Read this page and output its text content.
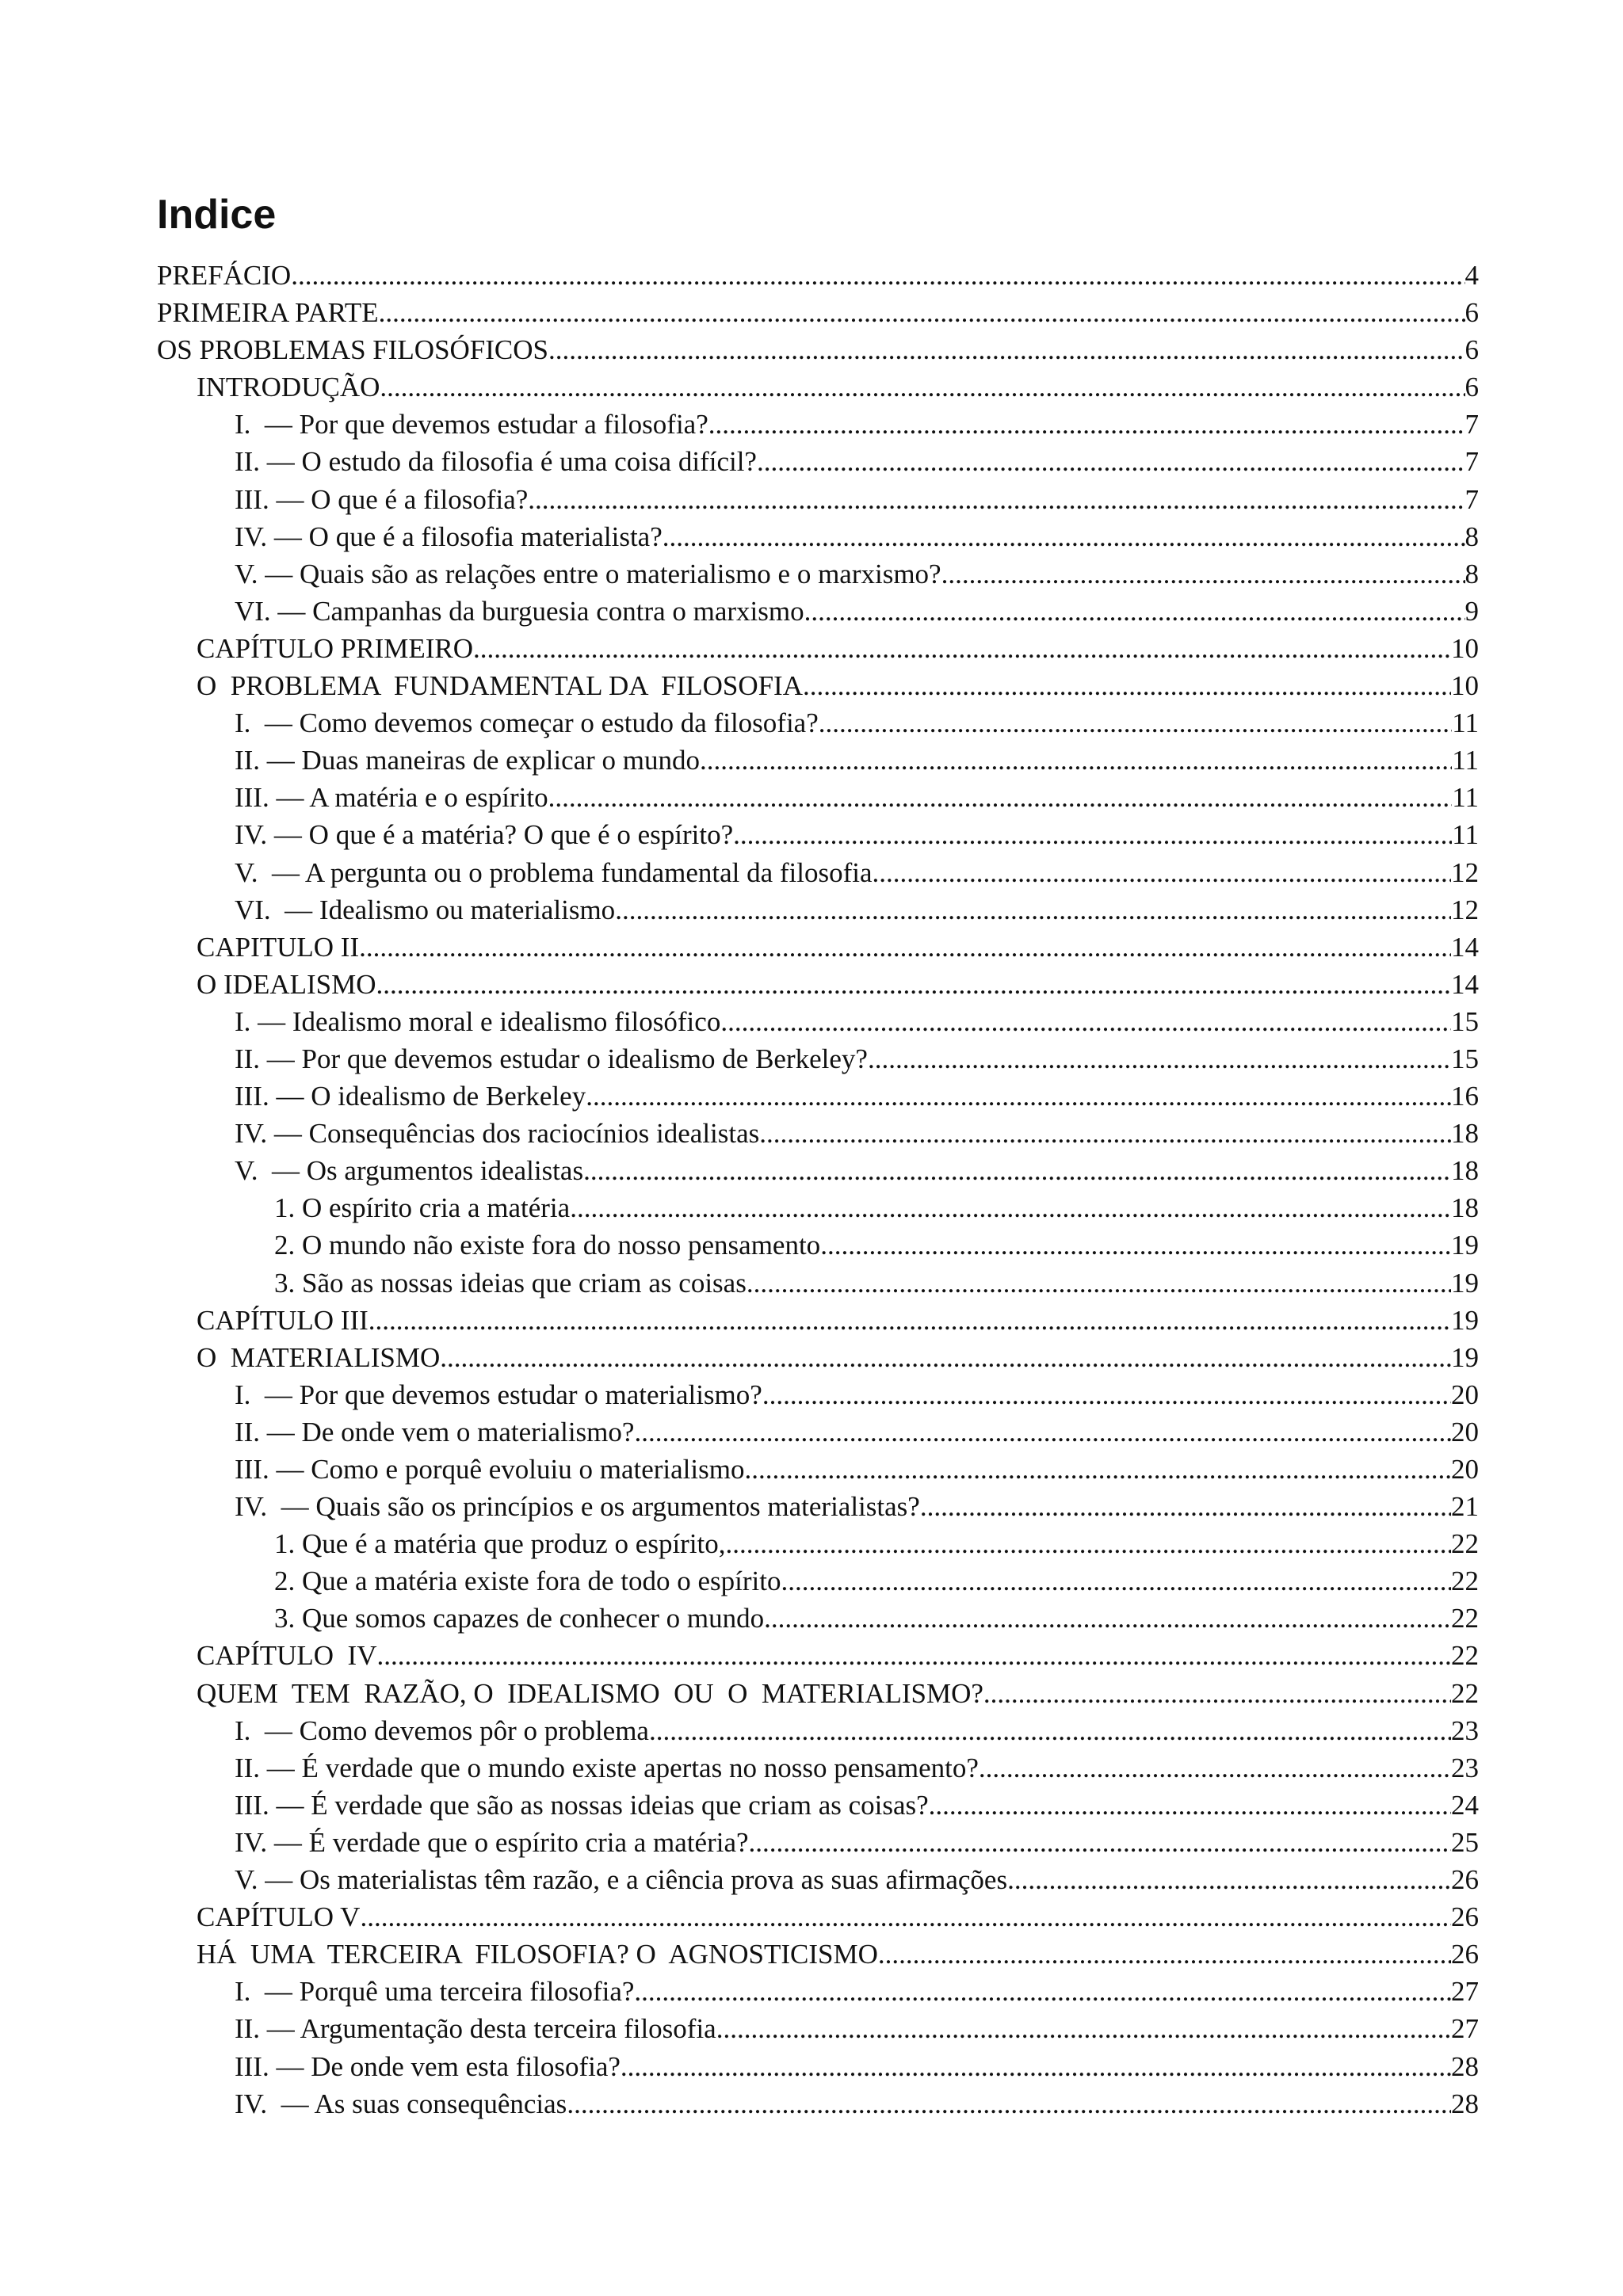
Indice
PREFÁCIO .....	4
PRIMEIRA PARTE .....	6
OS PROBLEMAS FILOSÓFICOS .....	6
INTRODUÇÃO .....	6
I.  — Por que devemos estudar a filosofia? .....	7
II. — O estudo da filosofia é uma coisa difícil? .....	7
III. — O que é a filosofia? .....	7
IV. — O que é a filosofia materialista? .....	8
V. — Quais são as relações entre o materialismo e o marxismo? .....	8
VI. — Campanhas da burguesia contra o marxismo .....	9
CAPÍTULO PRIMEIRO .....	10
O  PROBLEMA  FUNDAMENTAL DA  FILOSOFIA .....	10
I.  — Como devemos começar o estudo da filosofia? .....	11
II. — Duas maneiras de explicar o mundo .....	11
III. — A matéria e o espírito .....	11
IV. — O que é a matéria? O que é o espírito? .....	11
V.  — A pergunta ou o problema fundamental da filosofia .....	12
VI.  — Idealismo ou materialismo .....	12
CAPITULO II .....	14
O IDEALISMO .....	14
I. — Idealismo moral e idealismo filosófico .....	15
II. — Por que devemos estudar o idealismo de Berkeley? .....	15
III. — O idealismo de Berkeley .....	16
IV. — Consequências dos raciocínios idealistas .....	18
V.  — Os argumentos idealistas .....	18
1. O espírito cria a matéria .....	18
2. O mundo não existe fora do nosso pensamento .....	19
3. São as nossas ideias que criam as coisas .....	19
CAPÍTULO III .....	19
O  MATERIALISMO .....	19
I.  — Por que devemos estudar o materialismo? .....	20
II. — De onde vem o materialismo? .....	20
III. — Como e porquê evoluiu o materialismo .....	20
IV.  — Quais são os princípios e os argumentos materialistas? .....	21
1. Que é a matéria que produz o espírito, .....	22
2. Que a matéria existe fora de todo o espírito .....	22
3. Que somos capazes de conhecer o mundo .....	22
CAPÍTULO  IV .....	22
QUEM  TEM  RAZÃO, O  IDEALISMO  OU  O  MATERIALISMO? .....	22
I.  — Como devemos pôr o problema .....	23
II. — É verdade que o mundo existe apertas no nosso pensamento? .....	23
III. — É verdade que são as nossas ideias que criam as coisas? .....	24
IV. — É verdade que o espírito cria a matéria? .....	25
V. — Os materialistas têm razão, e a ciência prova as suas afirmações .....	26
CAPÍTULO V .....	26
HÁ  UMA  TERCEIRA  FILOSOFIA? O  AGNOSTICISMO .....	26
I.  — Porquê uma terceira filosofia? .....	27
II. — Argumentação desta terceira filosofia .....	27
III. — De onde vem esta filosofia? .....	28
IV.  — As suas consequências .....	28
